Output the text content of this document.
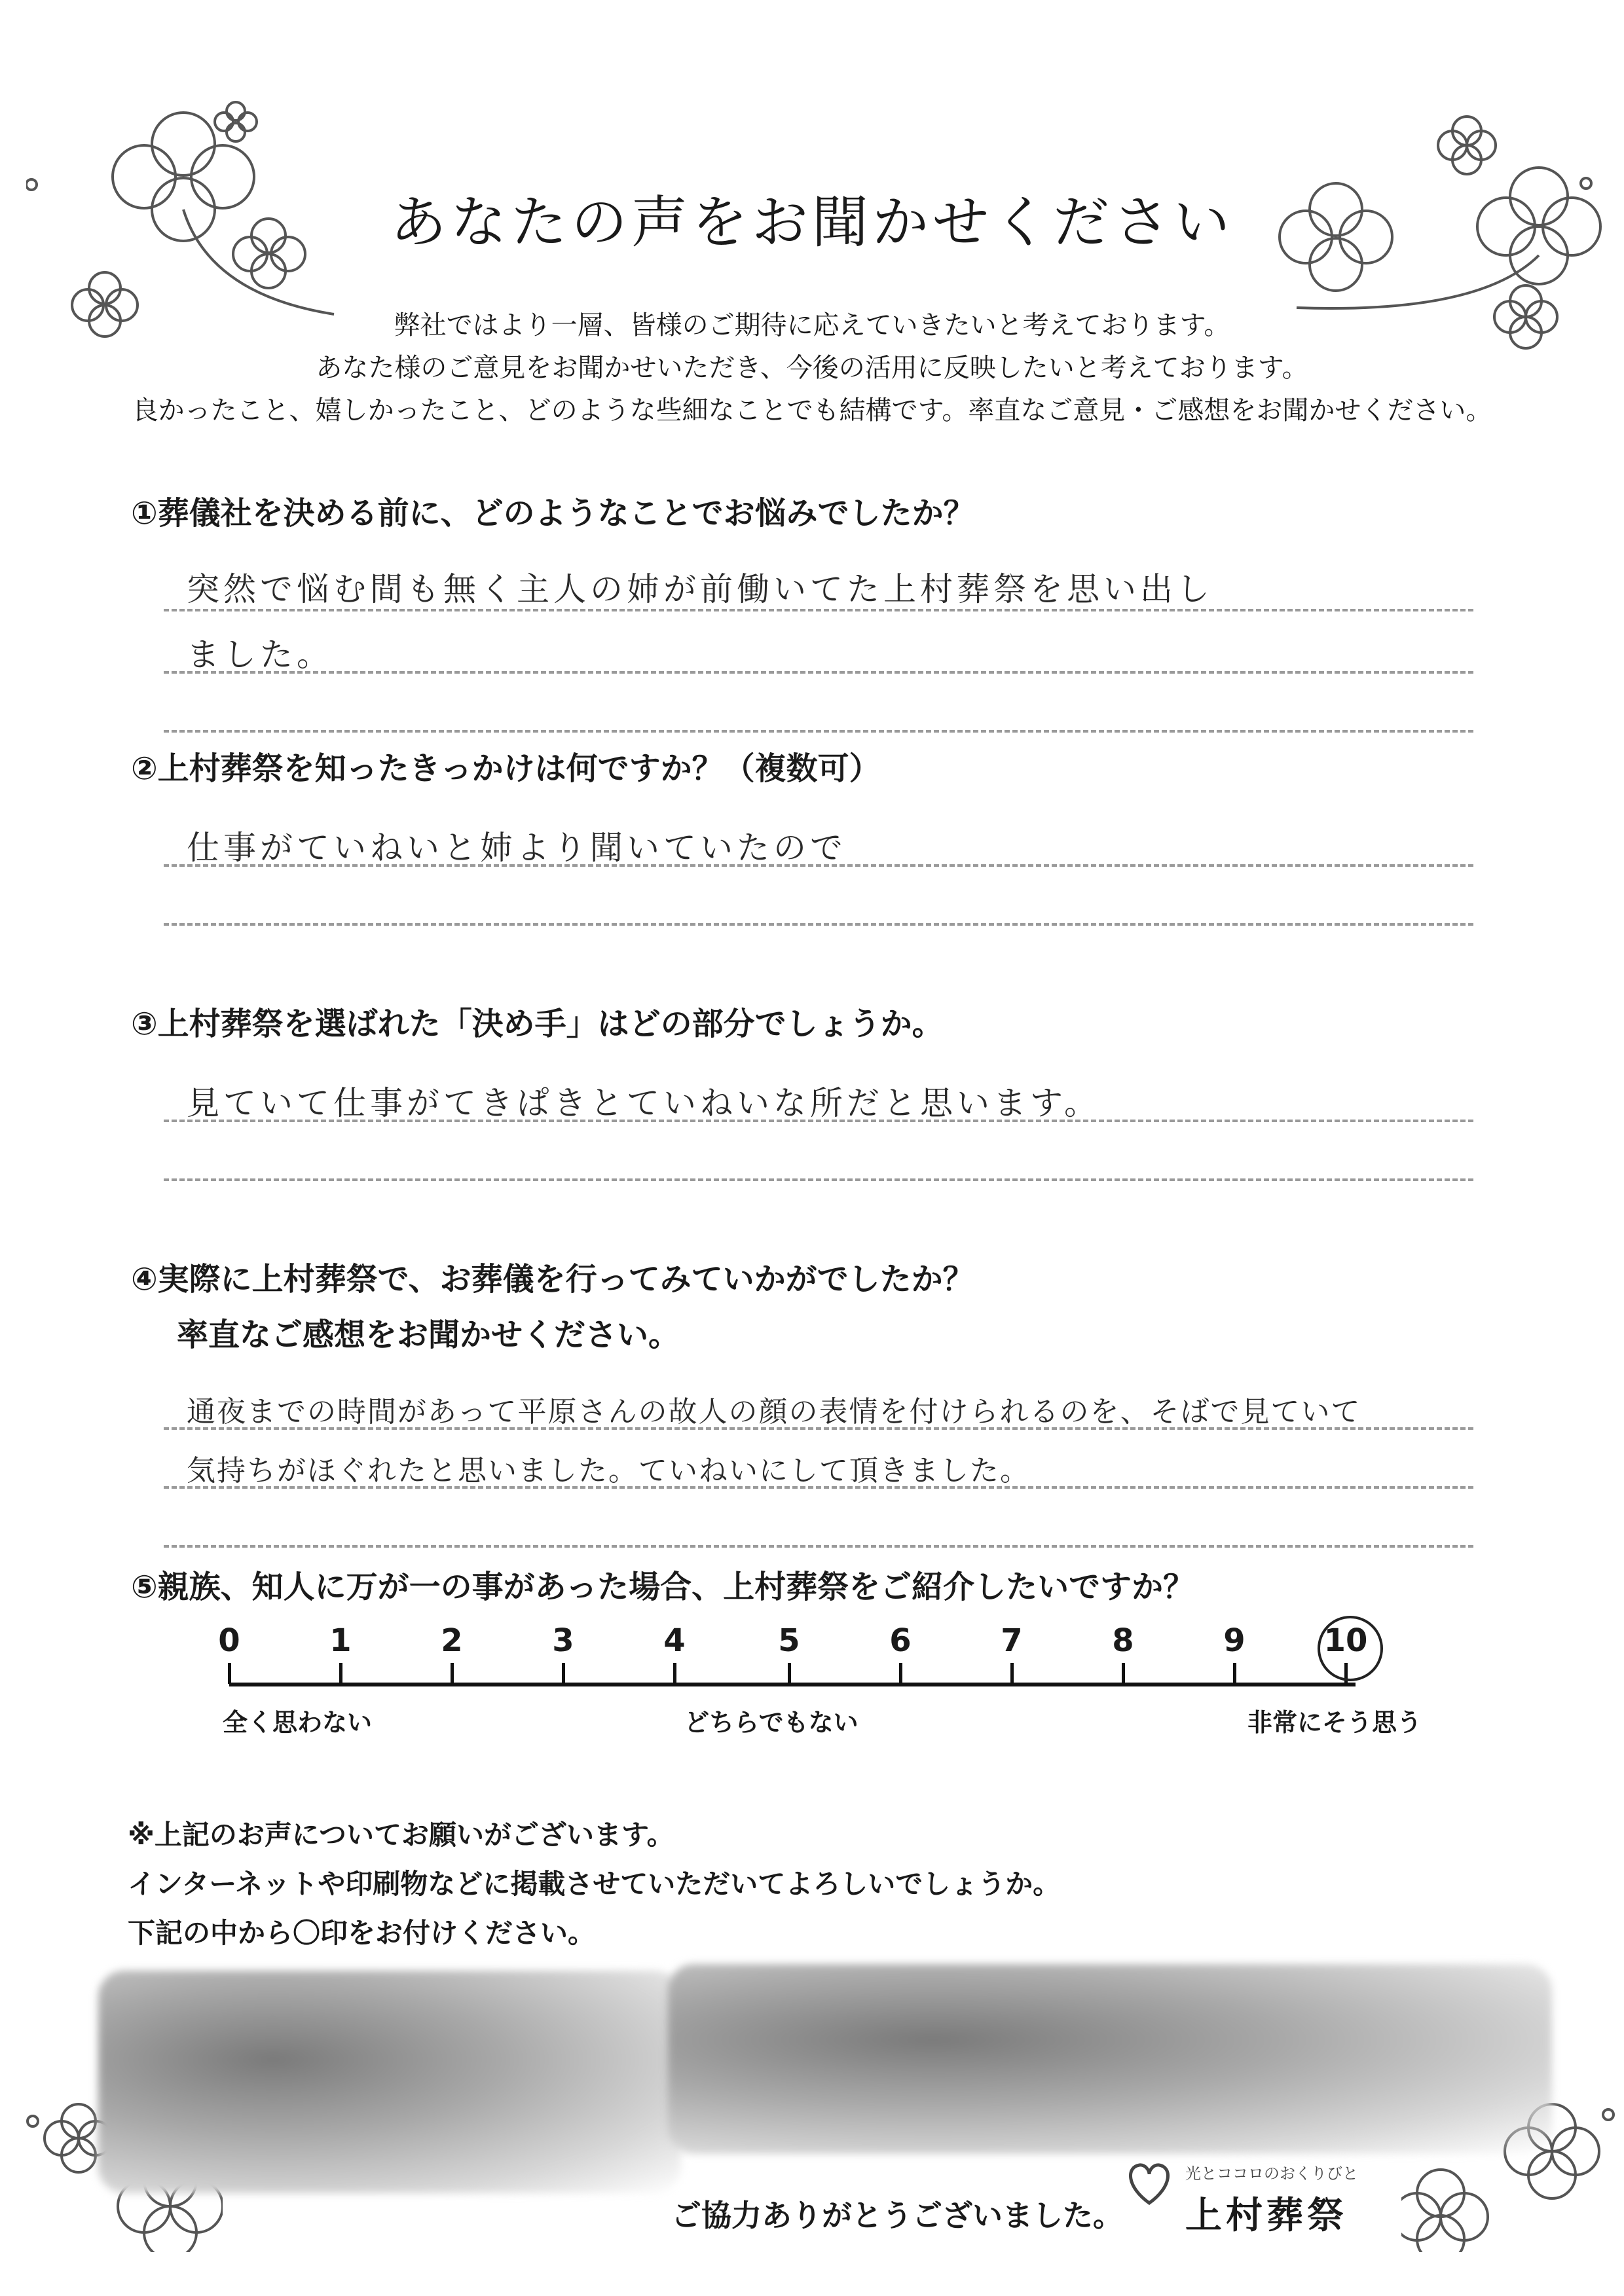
あなたの声をお聞かせください
弊社ではより一層、皆様のご期待に応えていきたいと考えております。
あなた様のご意見をお聞かせいただき、今後の活用に反映したいと考えております。
良かったこと、嬉しかったこと、どのような些細なことでも結構です。率直なご意見・ご感想をお聞かせください。
①葬儀社を決める前に、どのようなことでお悩みでしたか？
突然で悩む間も無く主人の姉が前働いてた上村葬祭を思い出し
ました。
②上村葬祭を知ったきっかけは何ですか？（複数可）
仕事がていねいと姉より聞いていたので
③上村葬祭を選ばれた「決め手」はどの部分でしょうか。
見ていて仕事がてきぱきとていねいな所だと思います。
④実際に上村葬祭で、お葬儀を行ってみていかがでしたか？
率直なご感想をお聞かせください。
通夜までの時間があって平原さんの故人の顔の表情を付けられるのを、そばで見ていて
気持ちがほぐれたと思いました。ていねいにして頂きました。
⑤親族、知人に万が一の事があった場合、上村葬祭をご紹介したいですか？
0	1	2	3	4	5	6	7	8	9	10
全く思わない	どちらでもない	非常にそう思う
※上記のお声についてお願いがございます。
インターネットや印刷物などに掲載させていただいてよろしいでしょうか。
下記の中から〇印をお付けください。
ご協力ありがとうございました。
光とココロのおくりびと
上村葬祭
